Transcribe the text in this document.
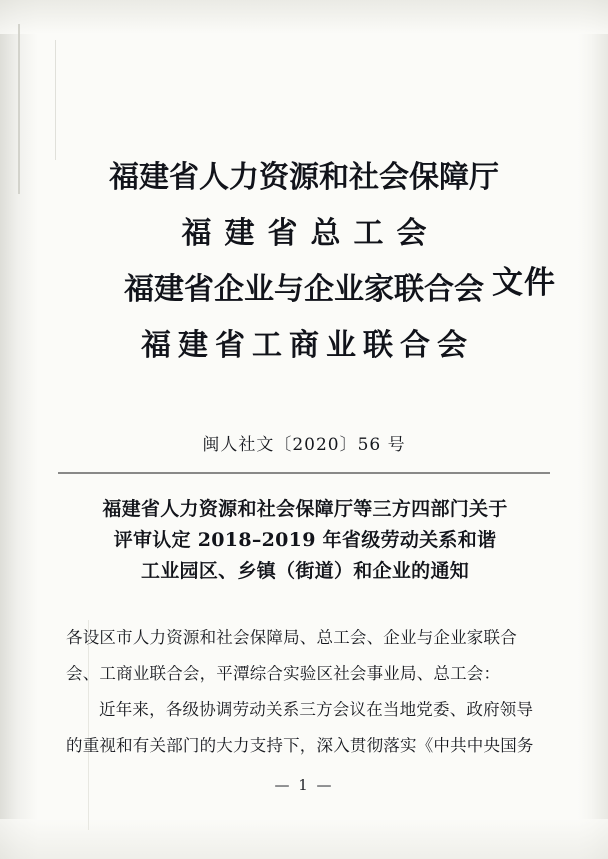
福建省人力资源和社会保障厅
福建省总工会
福建省企业与企业家联合会
福建省工商业联合会
文件
闽人社文〔2020〕56 号
福建省人力资源和社会保障厅等三方四部门关于
评审认定 2018–2019 年省级劳动关系和谐
工业园区、乡镇（街道）和企业的通知

各设区市人力资源和社会保障局、总工会、企业与企业家联合会、工商业联合会，平潭综合实验区社会事业局、总工会：

近年来，各级协调劳动关系三方会议在当地党委、政府领导的重视和有关部门的大力支持下，深入贯彻落实《中共中央国务

— 1 —
